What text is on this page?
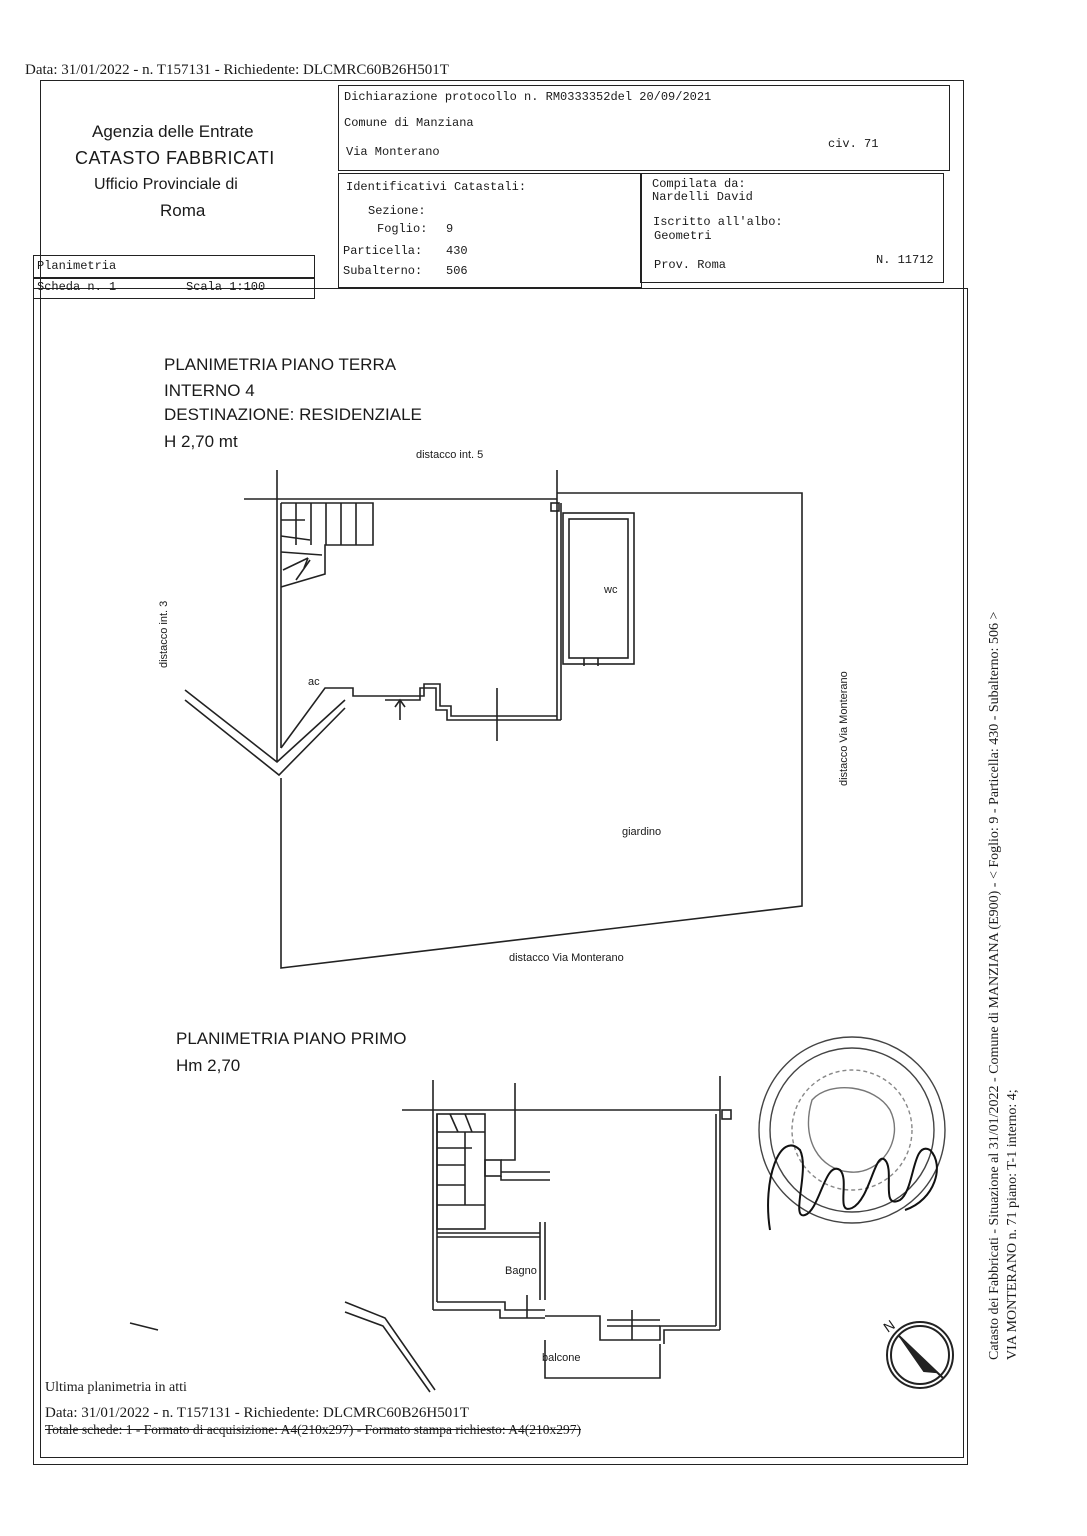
Data: 31/01/2022 - n. T157131 - Richiedente: DLCMRC60B26H501T
Agenzia delle Entrate
CATASTO FABBRICATI
Ufficio Provinciale di
Roma
Planimetria
Scheda n. 1	Scala 1:100
Dichiarazione protocollo n. RM0333352del 20/09/2021
Comune di Manziana
Via Monterano
civ. 71
Identificativi Catastali:
Sezione:
Foglio: 9
Particella: 430
Subalterno: 506
Compilata da:
Nardelli David
Iscritto all'albo:
Geometri
Prov. Roma	N. 11712
PLANIMETRIA PIANO TERRA
INTERNO 4
DESTINAZIONE: RESIDENZIALE
H 2,70 mt
distacco int. 5
distacco int. 3
distacco Via Monterano
distacco Via Monterano
wc
ac
giardino
PLANIMETRIA PIANO PRIMO
Hm 2,70
Bagno
balcone
N
Ultima planimetria in atti
Data: 31/01/2022 - n. T157131 - Richiedente: DLCMRC60B26H501T
Totale schede: 1 - Formato di acquisizione: A4(210x297) - Formato stampa richiesto: A4(210x297)
Catasto dei Fabbricati - Situazione al 31/01/2022 - Comune di MANZIANA (E900) - < Foglio: 9 - Particella: 430 - Subalterno: 506 > VIA MONTERANO n. 71 piano: T-1 interno: 4;
